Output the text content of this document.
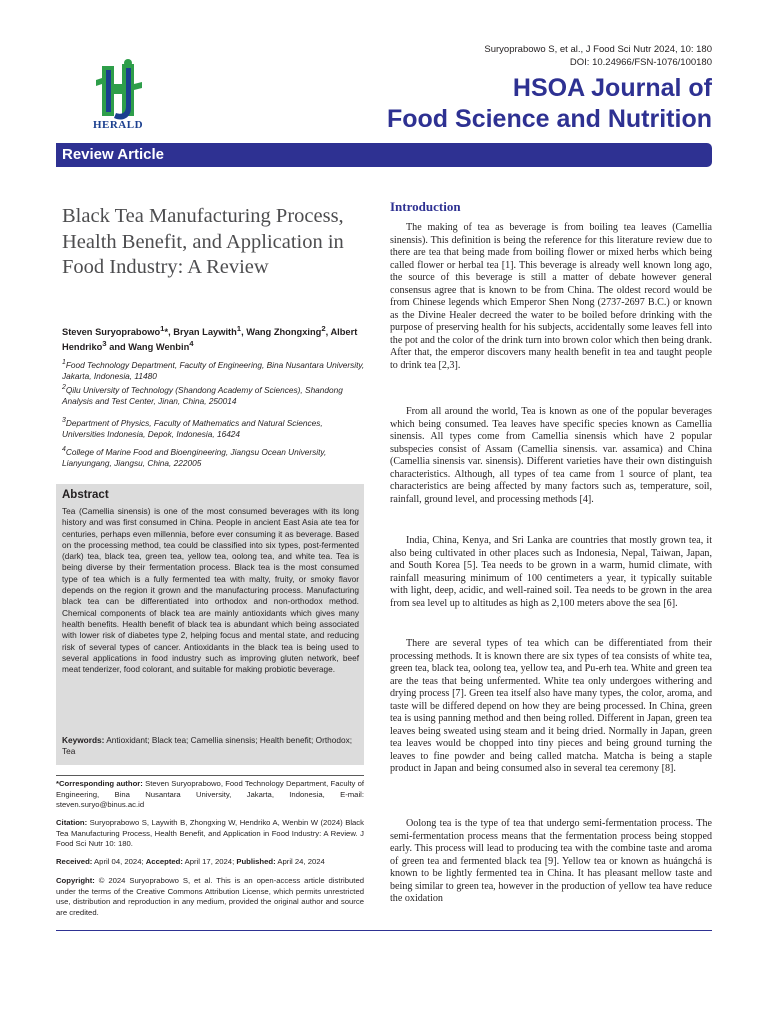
HERALD
Suryoprabowo S, et al., J Food Sci Nutr 2024, 10: 180
DOI: 10.24966/FSN-1076/100180
HSOA Journal of
Food Science and Nutrition
Review Article
Black Tea Manufacturing Process, Health Benefit, and Application in Food Industry: A Review
Steven Suryoprabowo$^1$*, Bryan Laywith$^1$, Wang Zhongxing$^2$, Albert Hendriko$^3$ and Wang Wenbin$^4$
$^1$Food Technology Department, Faculty of Engineering, Bina Nusantara University, Jakarta, Indonesia, 11480
$^2$Qilu University of Technology (Shandong Academy of Sciences), Shandong Analysis and Test Center, Jinan, China, 250014
$^3$Department of Physics, Faculty of Mathematics and Natural Sciences, Universities Indonesia, Depok, Indonesia, 16424
$^4$College of Marine Food and Bioengineering, Jiangsu Ocean University, Lianyungang, Jiangsu, China, 222005
Abstract
Tea (Camellia sinensis) is one of the most consumed beverages with its long history and was first consumed in China. People in ancient East Asia ate tea for centuries, perhaps even millennia, before ever consuming it as beverage. Based on the processing method, tea could be classified into six types, post-fermented (dark) tea, black tea, green tea, yellow tea, oolong tea, and white tea. Tea is being diverse by their fermentation process. Black tea is the most consumed type of tea which is a fully fermented tea with malty, fruity, or smoky flavor depends on the region it grown and the manufacturing process. Manufacturing black tea can be differentiated into orthodox and non-orthodox method. Chemical components of black tea are mainly antioxidants which gives many health benefits. Health benefit of black tea is abundant which being associated with lower risk of diabetes type 2, helping focus and mental state, and reducing risk of several types of cancer. Antioxidants in the black tea is being used to several applications in food industry such as improving gluten network, beef meat tenderizer, food colorant, and suitable for making probiotic beverage.
Keywords: Antioxidant; Black tea; Camellia sinensis; Health benefit; Orthodox; Tea
*Corresponding author: Steven Suryoprabowo, Food Technology Department, Faculty of Engineering, Bina Nusantara University, Jakarta, Indonesia, E-mail: steven.suryo@binus.ac.id
Citation: Suryoprabowo S, Laywith B, Zhongxing W, Hendriko A, Wenbin W (2024) Black Tea Manufacturing Process, Health Benefit, and Application in Food Industry: A Review. J Food Sci Nutr 10: 180.
Received: April 04, 2024; Accepted: April 17, 2024; Published: April 24, 2024
Copyright: © 2024 Suryoprabowo S, et al. This is an open-access article distributed under the terms of the Creative Commons Attribution License, which permits unrestricted use, distribution and reproduction in any medium, provided the original author and source are credited.
Introduction
The making of tea as beverage is from boiling tea leaves (Camellia sinensis). This definition is being the reference for this literature review due to there are tea that being made from boiling flower or mixed herbs which being called flower or herbal tea [1]. This beverage is already well known long ago, the source of this beverage is still a matter of debate however general consensus agree that is known to be from China. The oldest record would be from Chinese legends which Emperor Shen Nong (2737-2697 B.C.) or known as the Divine Healer decreed the water to be boiled before drinking with the purpose of preserving health for his subjects, accidentally some leaves fell into the pot and the color of the drink turn into brown color which then being drank. After that, the emperor discovers many health benefit in tea and taught people to drink tea [2,3].
From all around the world, Tea is known as one of the popular beverages which being consumed. Tea leaves have specific species known as Camellia sinensis. All types come from Camellia sinensis which have 2 popular subspecies consist of Assam (Camellia sinensis. var. assamica) and China (Camellia sinensis var. sinensis). Different varieties have their own distinguish characteristics. Although, all types of tea came from 1 source of plant, tea characteristics are being affected by many factors such as, temperature, soil, rainfall, ground level, and processing methods [4].
India, China, Kenya, and Sri Lanka are countries that mostly grown tea, it also being cultivated in other places such as Indonesia, Nepal, Taiwan, Japan, and South Korea [5]. Tea needs to be grown in a warm, humid climate, with rainfall measuring minimum of 100 centimeters a year, it typically suitable with light, deep, acidic, and well-rained soil. Tea needs to be grown in the area from sea level up to altitudes as high as 2,100 meters above the sea [6].
There are several types of tea which can be differentiated from their processing methods. It is known there are six types of tea consists of white tea, green tea, black tea, oolong tea, yellow tea, and Pu-erh tea. White and green tea are the teas that being unfermented. White tea only undergoes withering and drying process [7]. Green tea itself also have many types, the color, aroma, and taste will be differed depend on how they are being processed. In China, green tea is using panning method and then being rolled. Different in Japan, green tea leaves being sweated using steam and it being dried. Normally in Japan, green tea leaves would be chopped into tiny pieces and being ground turning the leaves to fine powder and being called matcha. Matcha is being a staple product in Japan and being consumed also in several tea ceremony [8].
Oolong tea is the type of tea that undergo semi-fermentation process. The semi-fermentation process means that the fermentation process being stopped early. This process will lead to producing tea with the combine taste and aroma of green tea and fermented black tea [9]. Yellow tea or known as huángchá is known to be lightly fermented tea in China. It has pleasant mellow taste and being similar to green tea, however in the production of yellow tea have reduce the oxidation
